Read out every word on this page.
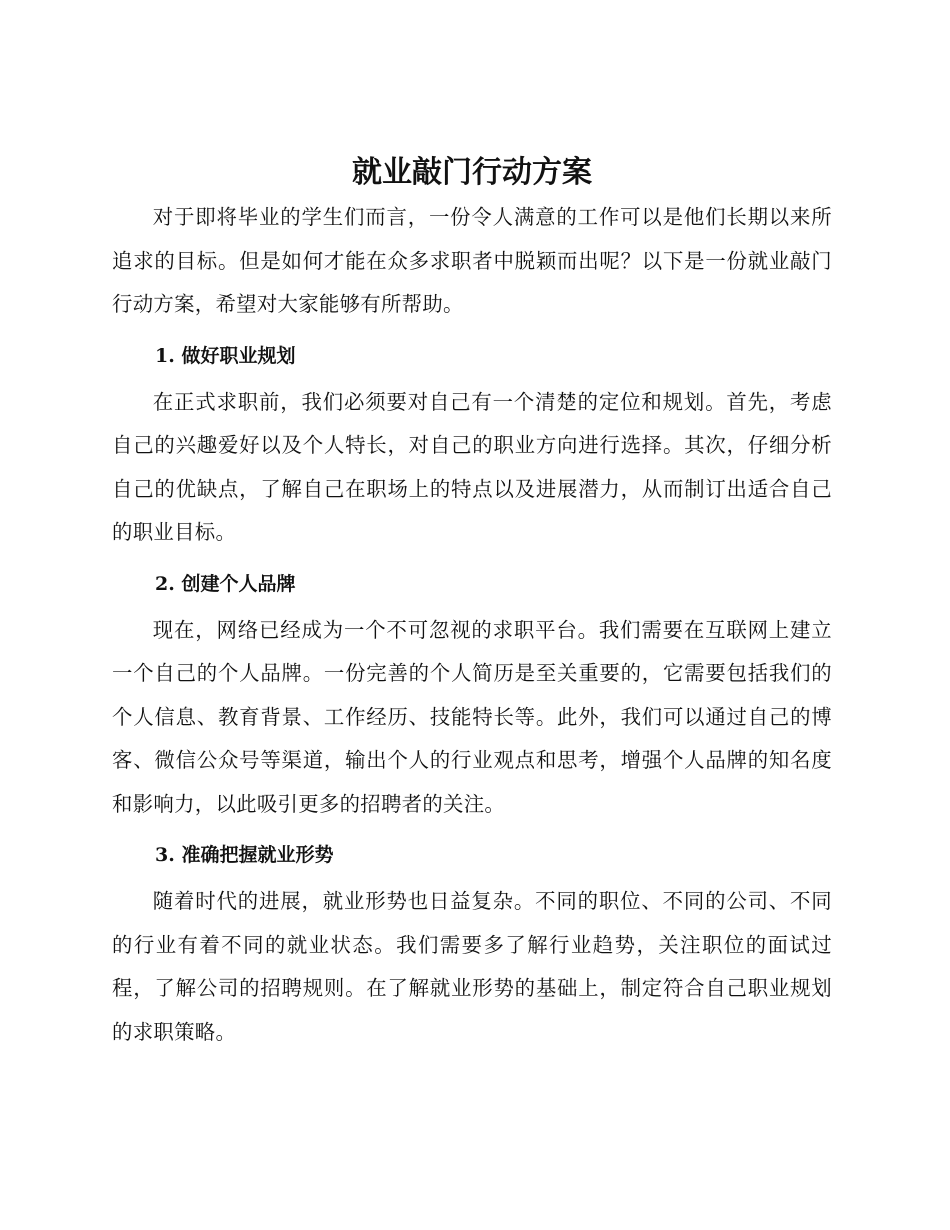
就业敲门行动方案

对于即将毕业的学生们而言，一份令人满意的工作可以是他们长期以来所追求的目标。但是如何才能在众多求职者中脱颖而出呢？以下是一份就业敲门行动方案，希望对大家能够有所帮助。

1. 做好职业规划

在正式求职前，我们必须要对自己有一个清楚的定位和规划。首先，考虑自己的兴趣爱好以及个人特长，对自己的职业方向进行选择。其次，仔细分析自己的优缺点，了解自己在职场上的特点以及进展潜力，从而制订出适合自己的职业目标。

2. 创建个人品牌

现在，网络已经成为一个不可忽视的求职平台。我们需要在互联网上建立一个自己的个人品牌。一份完善的个人简历是至关重要的，它需要包括我们的个人信息、教育背景、工作经历、技能特长等。此外，我们可以通过自己的博客、微信公众号等渠道，输出个人的行业观点和思考，增强个人品牌的知名度和影响力，以此吸引更多的招聘者的关注。

3. 准确把握就业形势

随着时代的进展，就业形势也日益复杂。不同的职位、不同的公司、不同的行业有着不同的就业状态。我们需要多了解行业趋势，关注职位的面试过程，了解公司的招聘规则。在了解就业形势的基础上，制定符合自己职业规划的求职策略。
